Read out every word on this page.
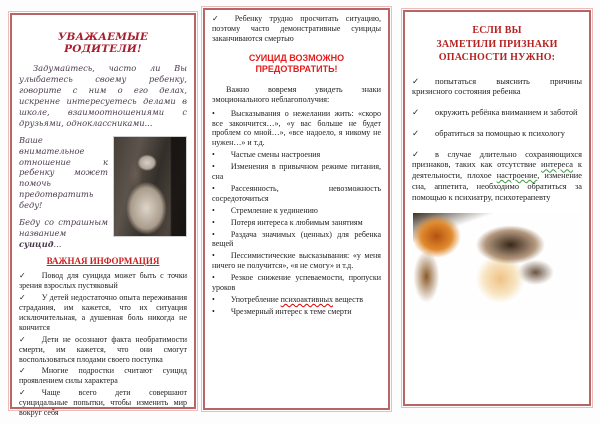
УВАЖАЕМЫЕ РОДИТЕЛИ!

Задумайтесь, часто ли Вы улыбаетесь своему ребенку, говорите с ним о его делах, искренне интересуетесь делами в школе, взаимоотношениями с друзьями, одноклассниками...

Ваше внимательное отношение к ребенку может помочь предотвратить беду!

Беду со страшным названием суицид...

ВАЖНАЯ ИНФОРМАЦИЯ

✓ Повод для суицида может быть с точки зрения взрослых пустяковый

✓ У детей недостаточно опыта переживания страдания, им кажется, что их ситуация исключительная, а душевная боль никогда не кончится

✓ Дети не осознают факта необратимости смерти, им кажется, что они смогут воспользоваться плодами своего поступка

✓ Многие подростки считают суицид проявлением силы характера

✓ Чаще всего дети совершают суицидальные попытки, чтобы изменить мир вокруг себя

✓ Ребенку трудно просчитать ситуацию, поэтому часто демонстративные суициды заканчиваются смертью

СУИЦИД ВОЗМОЖНО ПРЕДОТВРАТИТЬ!

Важно вовремя увидеть знаки эмоционального неблагополучия:

• Высказывания о нежелании жить: «скоро все закончится…», «у вас больше не будет проблем со мной…», «все надоело, я никому не нужен…» и т.д.

• Частые смены настроения

• Изменения в привычном режиме питания, сна

• Рассеянность, невозможность сосредоточиться

• Стремление к уединению

• Потеря интереса к любимым занятиям

• Раздача значимых (ценных) для ребенка вещей

• Пессимистические высказывания: «у меня ничего не получится», «я не смогу» и т.д.

• Резкое снижение успеваемости, пропуски уроков

• Употребление психоактивных веществ

• Чрезмерный интерес к теме смерти

ЕСЛИ ВЫ
ЗАМЕТИЛИ ПРИЗНАКИ
ОПАСНОСТИ НУЖНО:

✓ попытаться выяснить причины кризисного состояния ребенка

✓ окружить ребёнка вниманием и заботой

✓ обратиться за помощью к психологу

✓ в случае длительно сохраняющихся признаков, таких как отсутствие интереса к деятельности, плохое настроение, изменение сна, аппетита, необходимо обратиться за помощью к психиатру, психотерапевту
